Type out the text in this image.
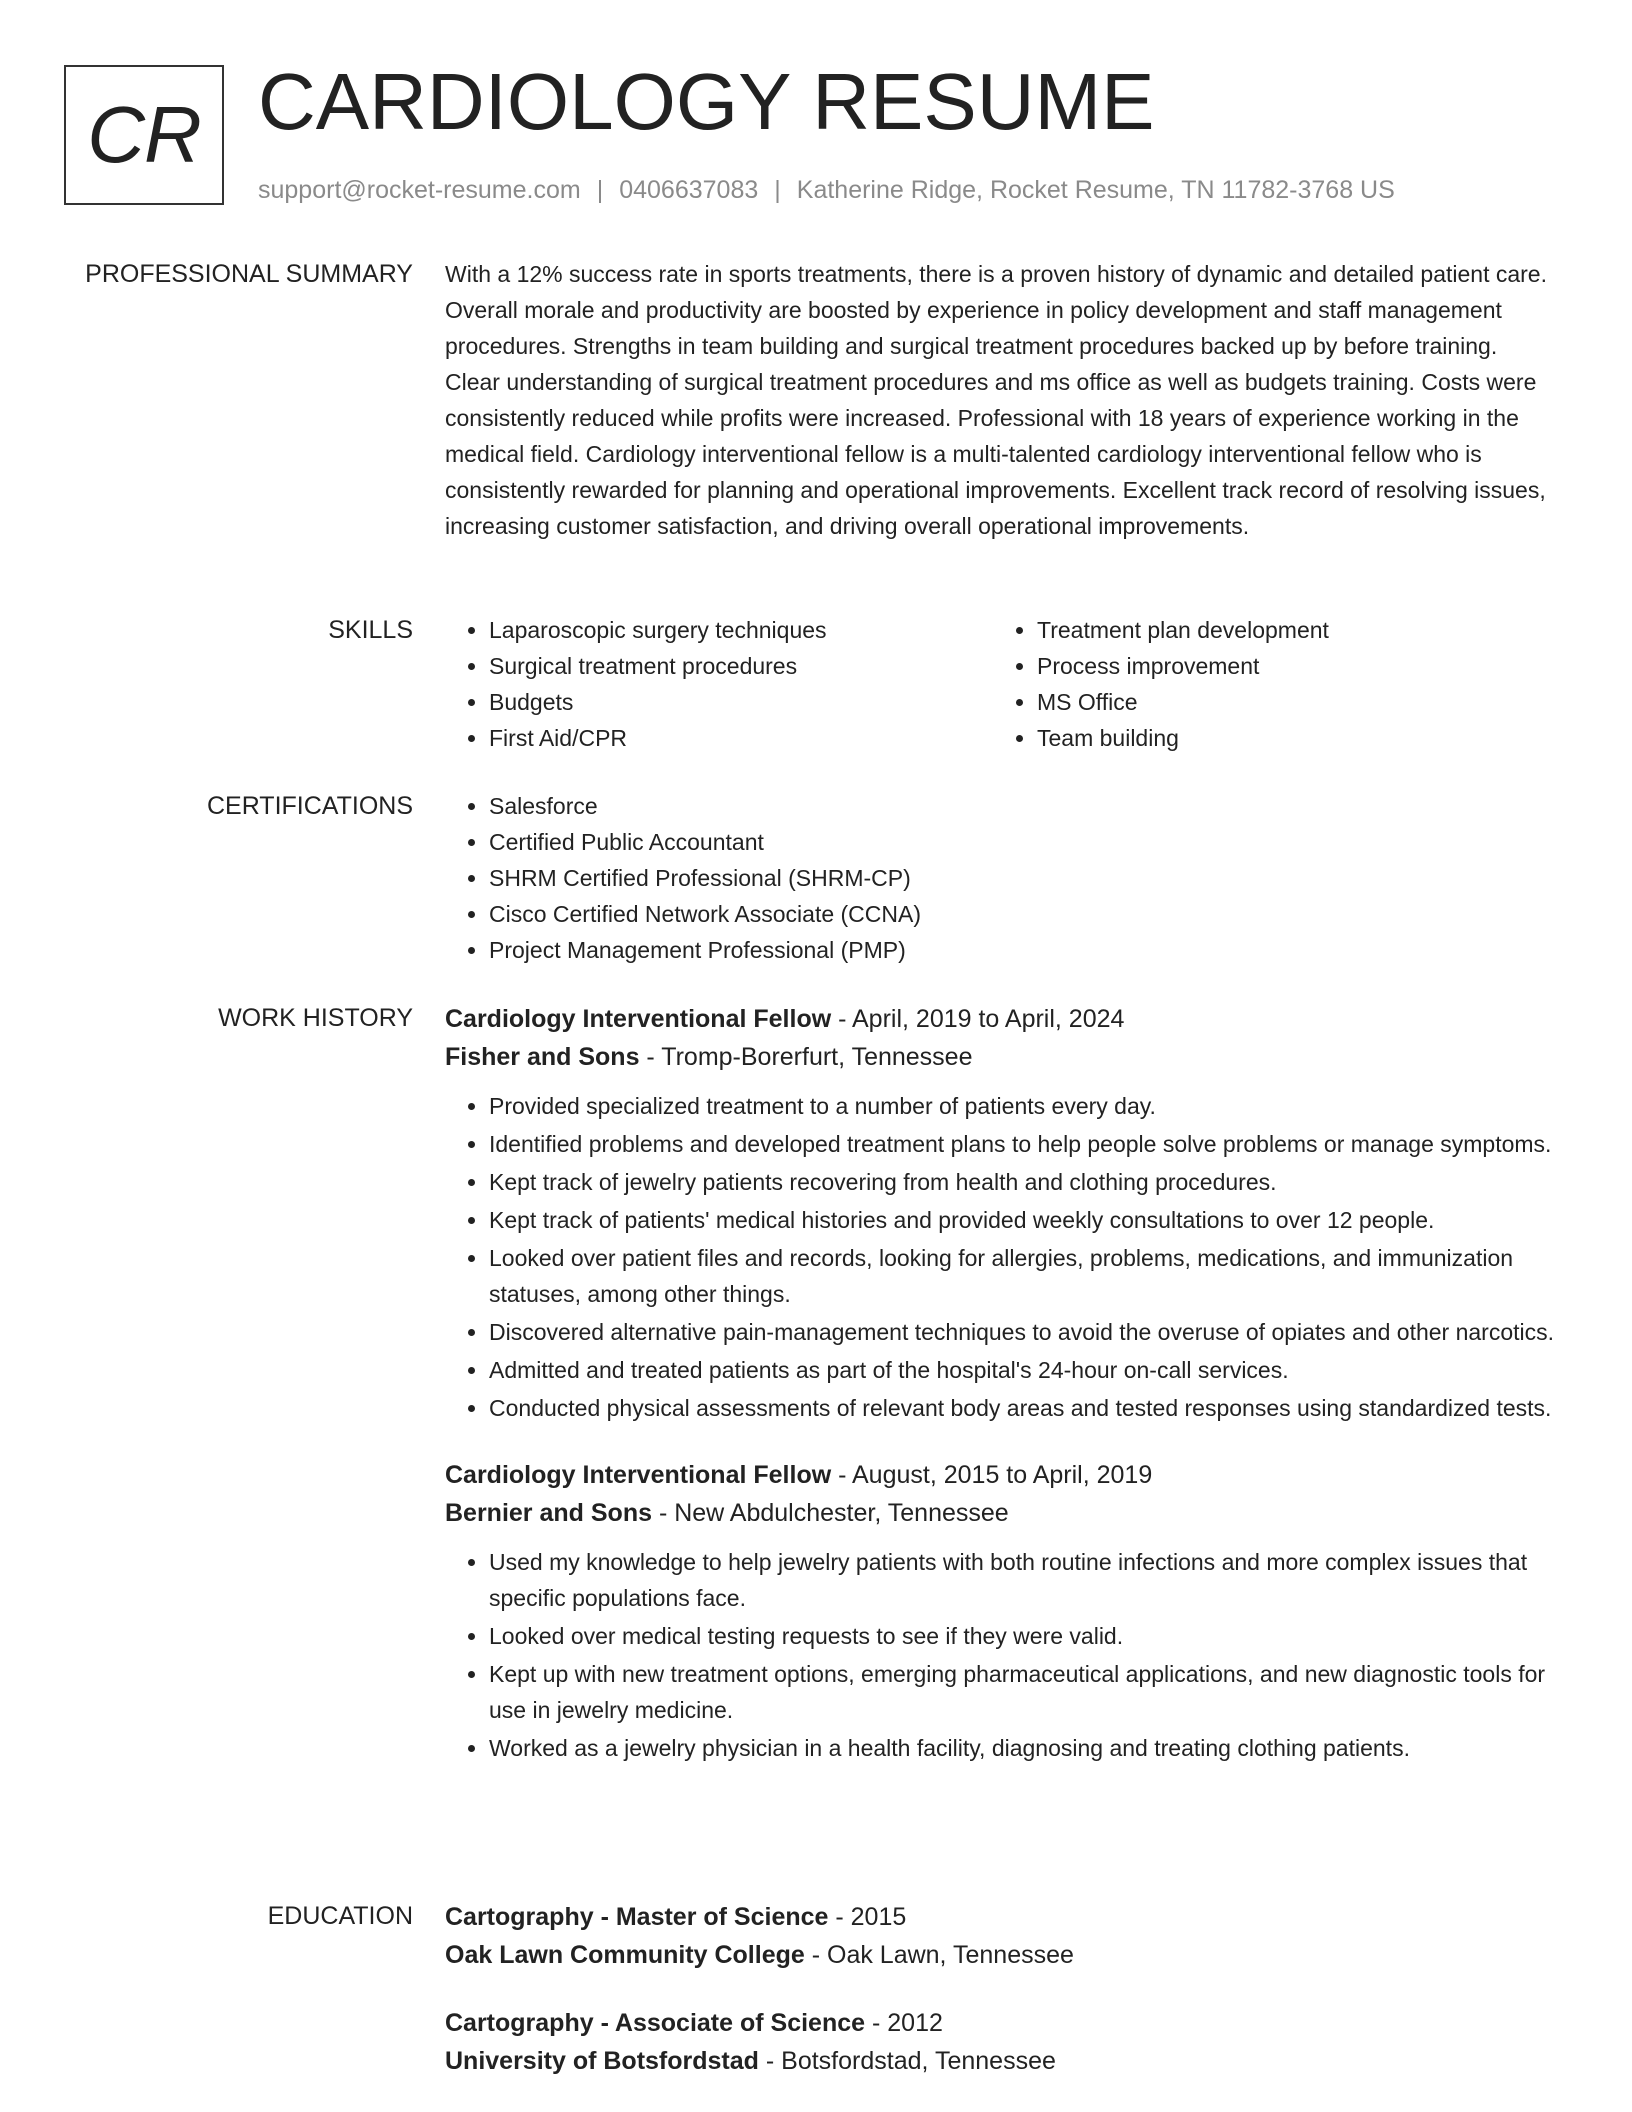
CR CARDIOLOGY RESUME
support@rocket-resume.com | 0406637083 | Katherine Ridge, Rocket Resume, TN 11782-3768 US
PROFESSIONAL SUMMARY With a 12% success rate in sports treatments, there is a proven history of dynamic and detailed patient care. Overall morale and productivity are boosted by experience in policy development and staff management procedures. Strengths in team building and surgical treatment procedures backed up by before training. Clear understanding of surgical treatment procedures and ms office as well as budgets training. Costs were consistently reduced while profits were increased. Professional with 18 years of experience working in the medical field. Cardiology interventional fellow is a multi-talented cardiology interventional fellow who is consistently rewarded for planning and operational improvements. Excellent track record of resolving issues, increasing customer satisfaction, and driving overall operational improvements.

SKILLS	• Laparoscopic surgery techniques
• Surgical treatment procedures
• Budgets
• First Aid/CPR
• Treatment plan development
• Process improvement
• MS Office
• Team building
CERTIFICATIONS	• Salesforce
• Certified Public Accountant
• SHRM Certified Professional (SHRM-CP)
• Cisco Certified Network Associate (CCNA)
• Project Management Professional (PMP)
WORK HISTORY Cardiology Interventional Fellow - April, 2019 to April, 2024
Fisher and Sons - Tromp-Borerfurt, Tennessee
• Provided specialized treatment to a number of patients every day.
• Identified problems and developed treatment plans to help people solve problems or manage symptoms.
• Kept track of jewelry patients recovering from health and clothing procedures.
• Kept track of patients' medical histories and provided weekly consultations to over 12 people.
• Looked over patient files and records, looking for allergies, problems, medications, and immunization statuses, among other things.
• Discovered alternative pain-management techniques to avoid the overuse of opiates and other narcotics.
• Admitted and treated patients as part of the hospital's 24-hour on-call services.
• Conducted physical assessments of relevant body areas and tested responses using standardized tests.
Cardiology Interventional Fellow - August, 2015 to April, 2019
Bernier and Sons - New Abdulchester, Tennessee
• Used my knowledge to help jewelry patients with both routine infections and more complex issues that specific populations face.
• Looked over medical testing requests to see if they were valid.
• Kept up with new treatment options, emerging pharmaceutical applications, and new diagnostic tools for use in jewelry medicine.
• Worked as a jewelry physician in a health facility, diagnosing and treating clothing patients.
EDUCATION Cartography - Master of Science - 2015
Oak Lawn Community College - Oak Lawn, Tennessee
Cartography - Associate of Science - 2012
University of Botsfordstad - Botsfordstad, Tennessee
